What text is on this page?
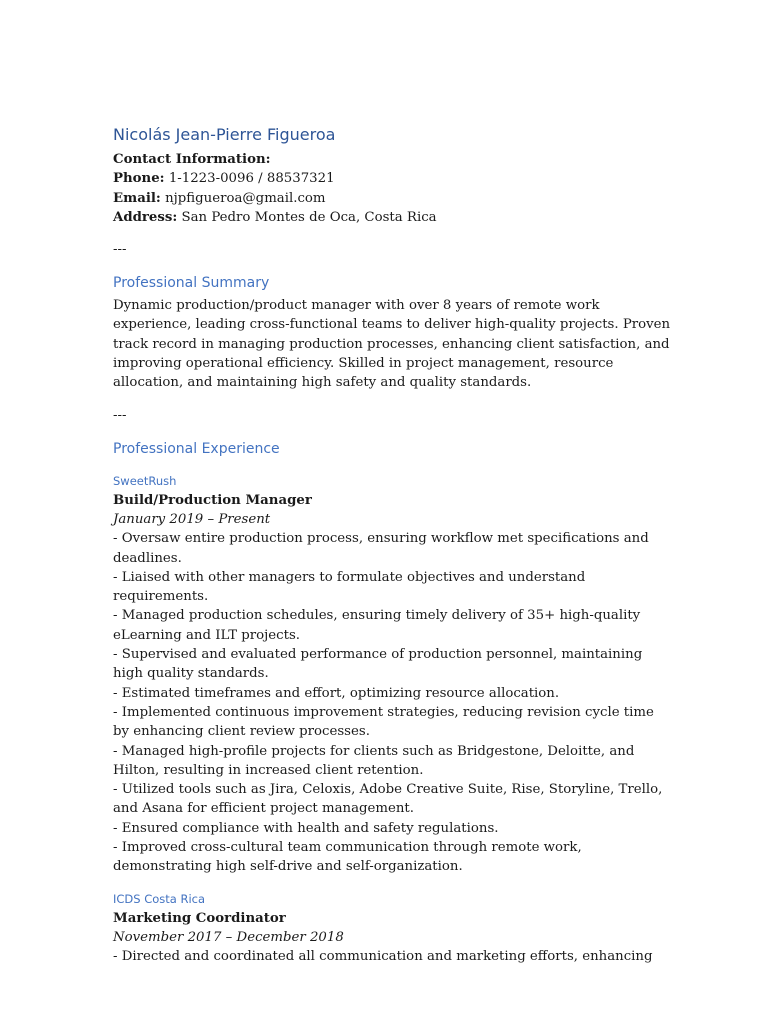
Nicolás Jean-Pierre Figueroa

Contact Information:

Phone: 1-1223-0096 / 88537321

Email: njpfigueroa@gmail.com

Address: San Pedro Montes de Oca, Costa Rica

---

Professional Summary

Dynamic production/product manager with over 8 years of remote work experience, leading cross-functional teams to deliver high-quality projects. Proven track record in managing production processes, enhancing client satisfaction, and improving operational efficiency. Skilled in project management, resource allocation, and maintaining high safety and quality standards.

---

Professional Experience
SweetRush

Build/Production Manager

January 2019 – Present

- Oversaw entire production process, ensuring workflow met specifications and deadlines.
- Liaised with other managers to formulate objectives and understand requirements.
- Managed production schedules, ensuring timely delivery of 35+ high-quality eLearning and ILT projects.
- Supervised and evaluated performance of production personnel, maintaining high quality standards.
- Estimated timeframes and effort, optimizing resource allocation.
- Implemented continuous improvement strategies, reducing revision cycle time by enhancing client review processes.
- Managed high-profile projects for clients such as Bridgestone, Deloitte, and Hilton, resulting in increased client retention.
- Utilized tools such as Jira, Celoxis, Adobe Creative Suite, Rise, Storyline, Trello, and Asana for efficient project management.
- Ensured compliance with health and safety regulations.
- Improved cross-cultural team communication through remote work, demonstrating high self-drive and self-organization.
ICDS Costa Rica

Marketing Coordinator

November 2017 – December 2018

- Directed and coordinated all communication and marketing efforts, enhancing
